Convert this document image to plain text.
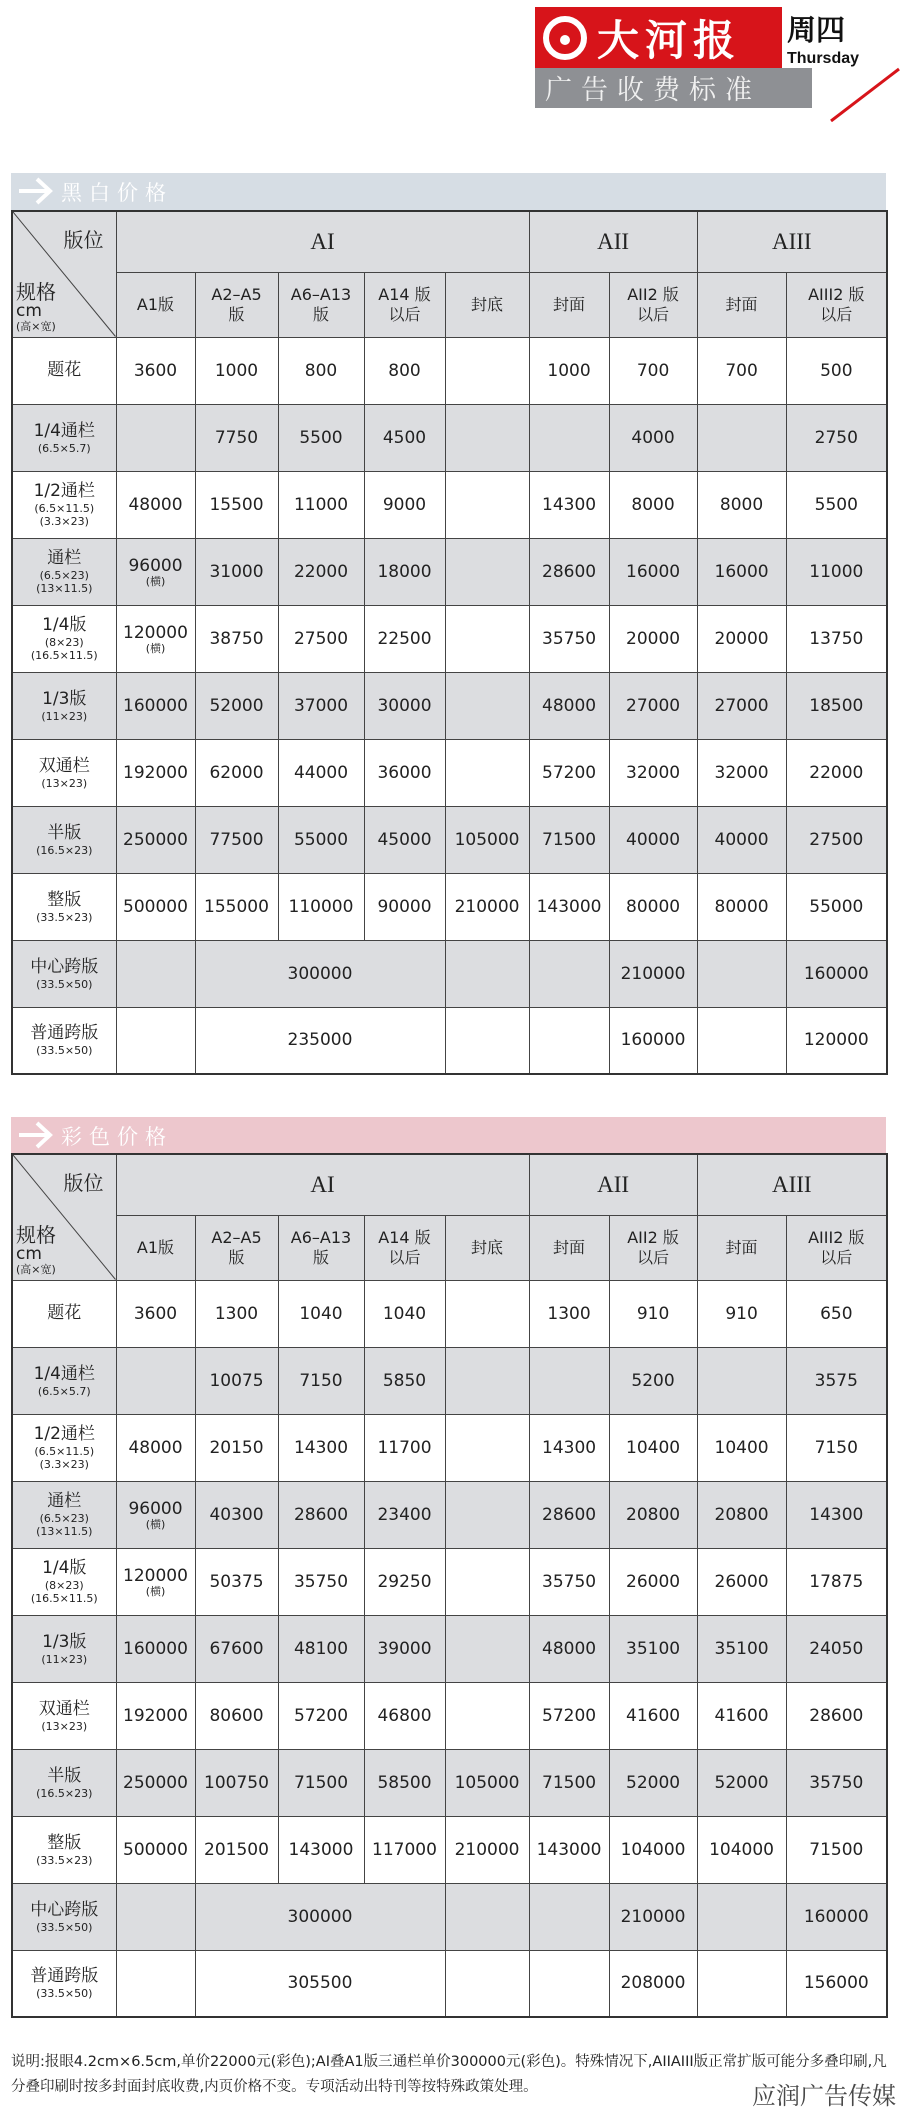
大河报 周四
Thursday
广告收费标准
黑白价格
版位
规格
cm
(高×宽)	AI					AII		AIII	

	A1版	A2–A5
版	A6–A13
版	A14 版
以后	封底	封面	AII2 版
以后	封面	AIII2 版
以后

题花	3600	1000	800	800		1000	700	700	500

1/4通栏
(6.5×5.7)		7750	5500	4500			4000		2750

1/2通栏
(6.5×11.5)
(3.3×23)	48000	15500	11000	9000		14300	8000	8000	5500

通栏
(6.5×23)
(13×11.5)	96000
(横)	31000	22000	18000		28600	16000	16000	11000

1/4版
(8×23)
(16.5×11.5)	120000
(横)	38750	27500	22500		35750	20000	20000	13750

1/3版
(11×23)	160000	52000	37000	30000		48000	27000	27000	18500

双通栏
(13×23)	192000	62000	44000	36000		57200	32000	32000	22000

半版
(16.5×23)	250000	77500	55000	45000	105000	71500	40000	40000	27500

整版
(33.5×23)	500000	155000	110000	90000	210000	143000	80000	80000	55000

中心跨版
(33.5×50)		300000					210000		160000

普通跨版
(33.5×50)		235000					160000		120000
彩色价格
版位
规格
cm
(高×宽)	AI					AII		AIII	

	A1版	A2–A5
版	A6–A13
版	A14 版
以后	封底	封面	AII2 版
以后	封面	AIII2 版
以后

题花	3600	1300	1040	1040		1300	910	910	650

1/4通栏
(6.5×5.7)		10075	7150	5850			5200		3575

1/2通栏
(6.5×11.5)
(3.3×23)	48000	20150	14300	11700		14300	10400	10400	7150

通栏
(6.5×23)
(13×11.5)	96000
(横)	40300	28600	23400		28600	20800	20800	14300

1/4版
(8×23)
(16.5×11.5)	120000
(横)	50375	35750	29250		35750	26000	26000	17875

1/3版
(11×23)	160000	67600	48100	39000		48000	35100	35100	24050

双通栏
(13×23)	192000	80600	57200	46800		57200	41600	41600	28600

半版
(16.5×23)	250000	100750	71500	58500	105000	71500	52000	52000	35750

整版
(33.5×23)	500000	201500	143000	117000	210000	143000	104000	104000	71500

中心跨版
(33.5×50)		300000					210000		160000

普通跨版
(33.5×50)		305500					208000		156000
说明:报眼4.2cm×6.5cm,单价22000元(彩色);AI叠A1版三通栏单价300000元(彩色)。特殊情况下,AIIAIII版正常扩版可能分多叠印刷,凡分叠印刷时按多封面封底收费,内页价格不变。专项活动出特刊等按特殊政策处理。	应润广告传媒
